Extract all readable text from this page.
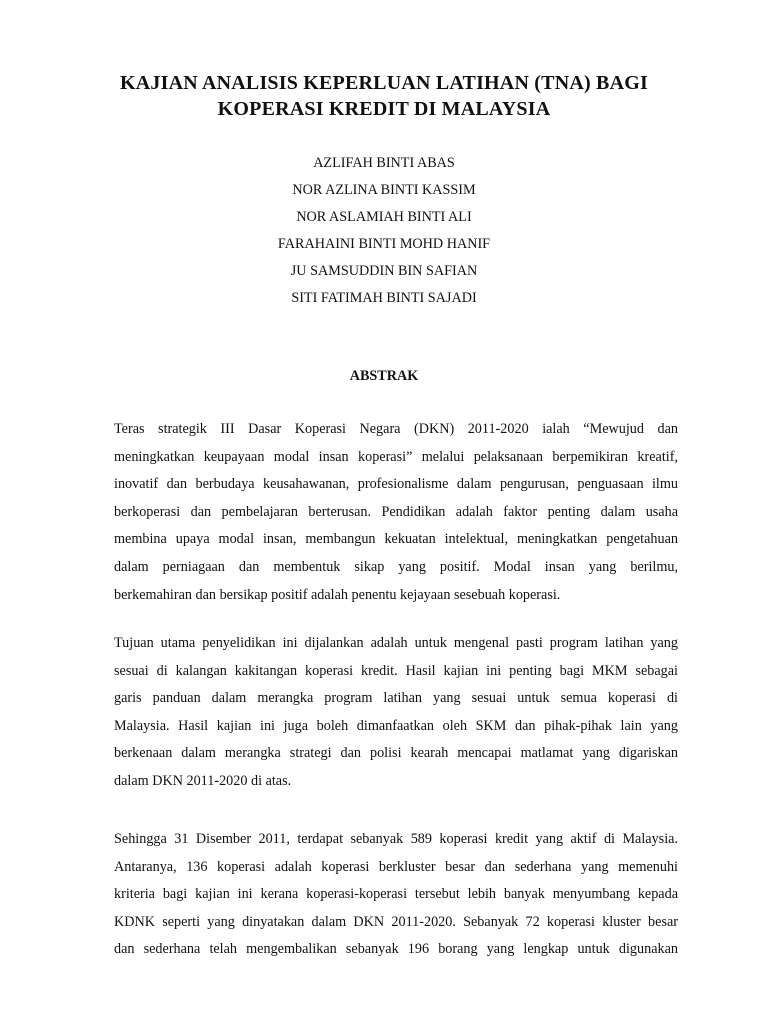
KAJIAN ANALISIS KEPERLUAN LATIHAN (TNA) BAGI
KOPERASI KREDIT DI MALAYSIA
AZLIFAH BINTI ABAS
NOR AZLINA BINTI KASSIM
NOR ASLAMIAH BINTI ALI
FARAHAINI BINTI MOHD HANIF
JU SAMSUDDIN BIN SAFIAN
SITI FATIMAH BINTI SAJADI
ABSTRAK

Teras strategik III Dasar Koperasi Negara (DKN) 2011-2020 ialah “Mewujud dan
meningkatkan keupayaan modal insan koperasi” melalui pelaksanaan berpemikiran kreatif,
inovatif dan berbudaya keusahawanan, profesionalisme dalam pengurusan, penguasaan ilmu
berkoperasi dan pembelajaran berterusan. Pendidikan adalah faktor penting dalam usaha
membina upaya modal insan, membangun kekuatan intelektual, meningkatkan pengetahuan
dalam perniagaan dan membentuk sikap yang positif. Modal insan yang berilmu,
berkemahiran dan bersikap positif adalah penentu kejayaan sesebuah koperasi.

Tujuan utama penyelidikan ini dijalankan adalah untuk mengenal pasti program latihan yang
sesuai di kalangan kakitangan koperasi kredit. Hasil kajian ini penting bagi MKM sebagai
garis panduan dalam merangka program latihan yang sesuai untuk semua koperasi di
Malaysia. Hasil kajian ini juga boleh dimanfaatkan oleh SKM dan pihak-pihak lain yang
berkenaan dalam merangka strategi dan polisi kearah mencapai matlamat yang digariskan
dalam DKN 2011-2020 di atas.

Sehingga 31 Disember 2011, terdapat sebanyak 589 koperasi kredit yang aktif di Malaysia.
Antaranya, 136 koperasi adalah koperasi berkluster besar dan sederhana yang memenuhi
kriteria bagi kajian ini kerana koperasi-koperasi tersebut lebih banyak menyumbang kepada
KDNK seperti yang dinyatakan dalam DKN 2011-2020. Sebanyak 72 koperasi kluster besar
dan sederhana telah mengembalikan sebanyak 196 borang yang lengkap untuk digunakan
